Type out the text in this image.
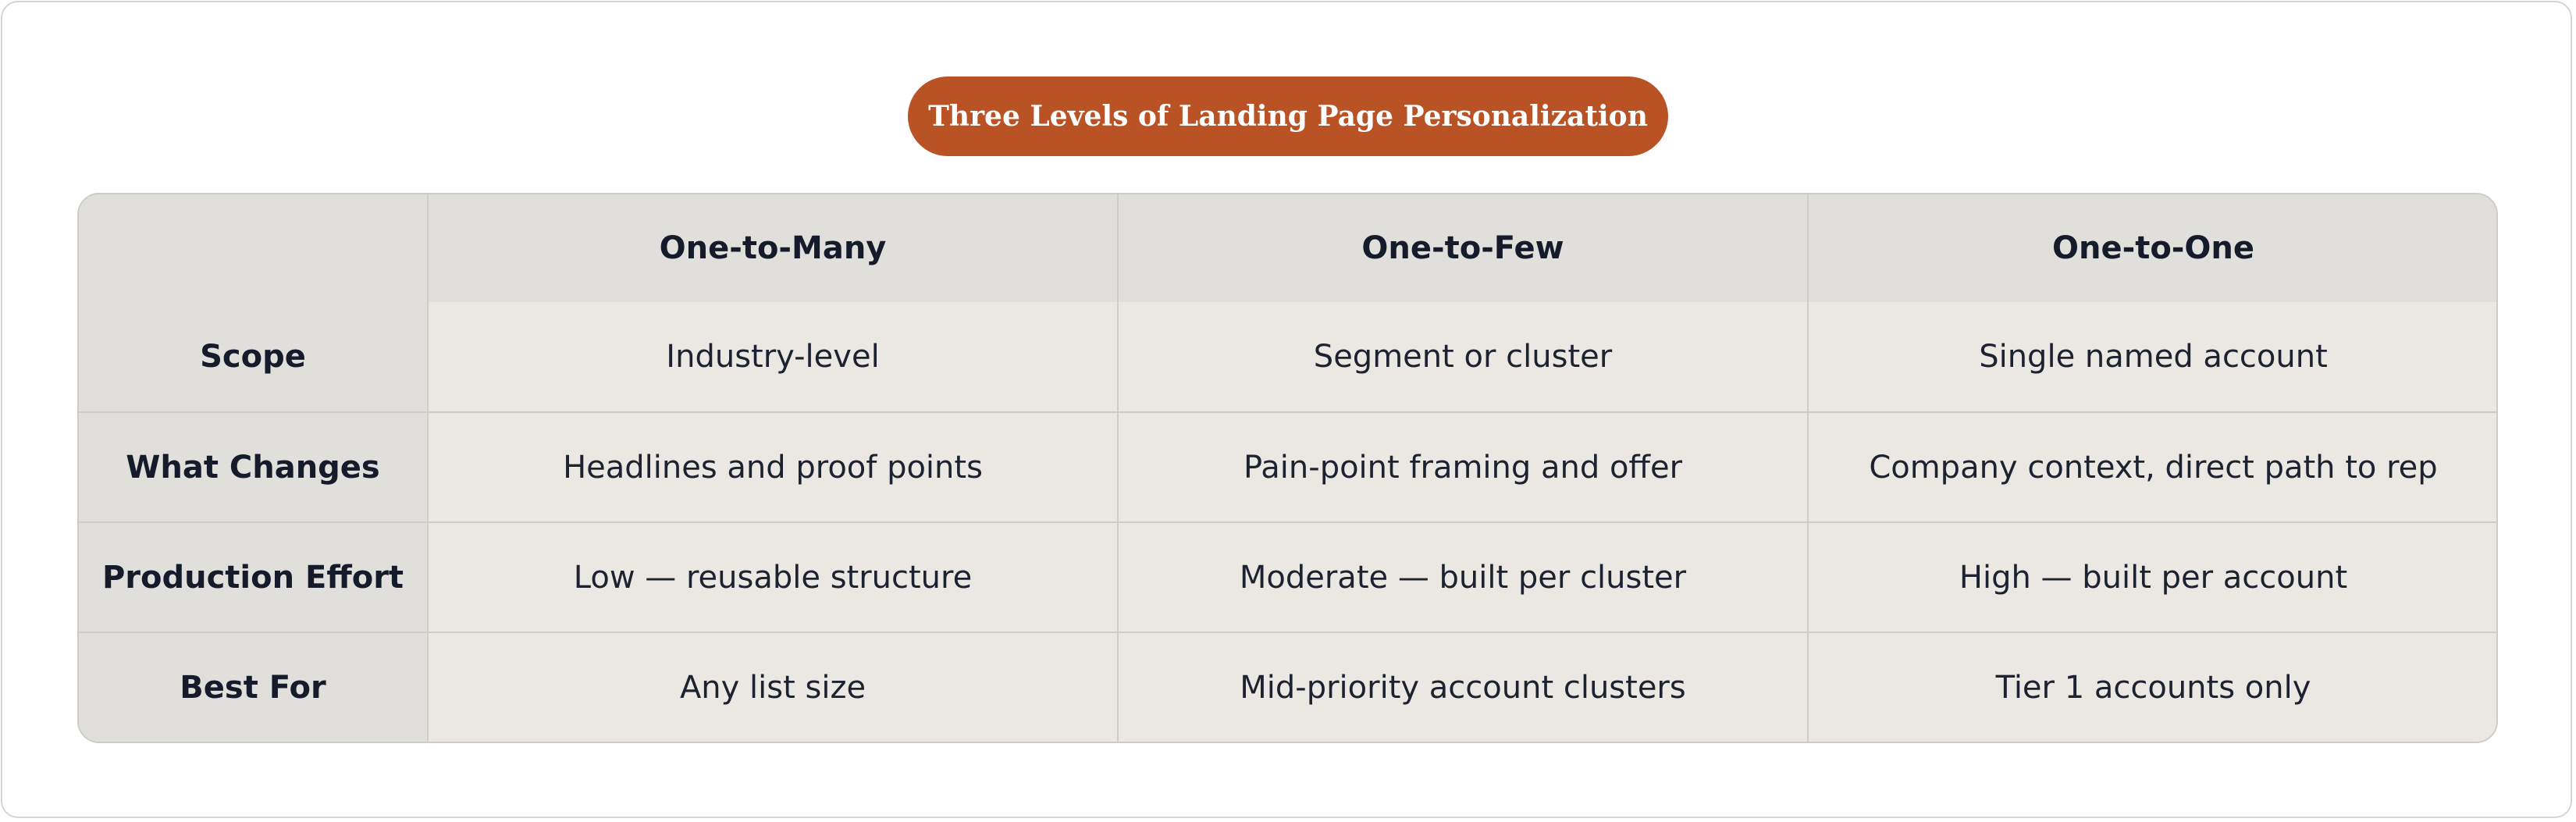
Three Levels of Landing Page Personalization
	One-to-Many	One-to-Few	One-to-One
Scope	Industry-level	Segment or cluster	Single named account
What Changes	Headlines and proof points	Pain-point framing and offer	Company context, direct path to rep
Production Effort	Low — reusable structure	Moderate — built per cluster	High — built per account
Best For	Any list size	Mid-priority account clusters	Tier 1 accounts only
